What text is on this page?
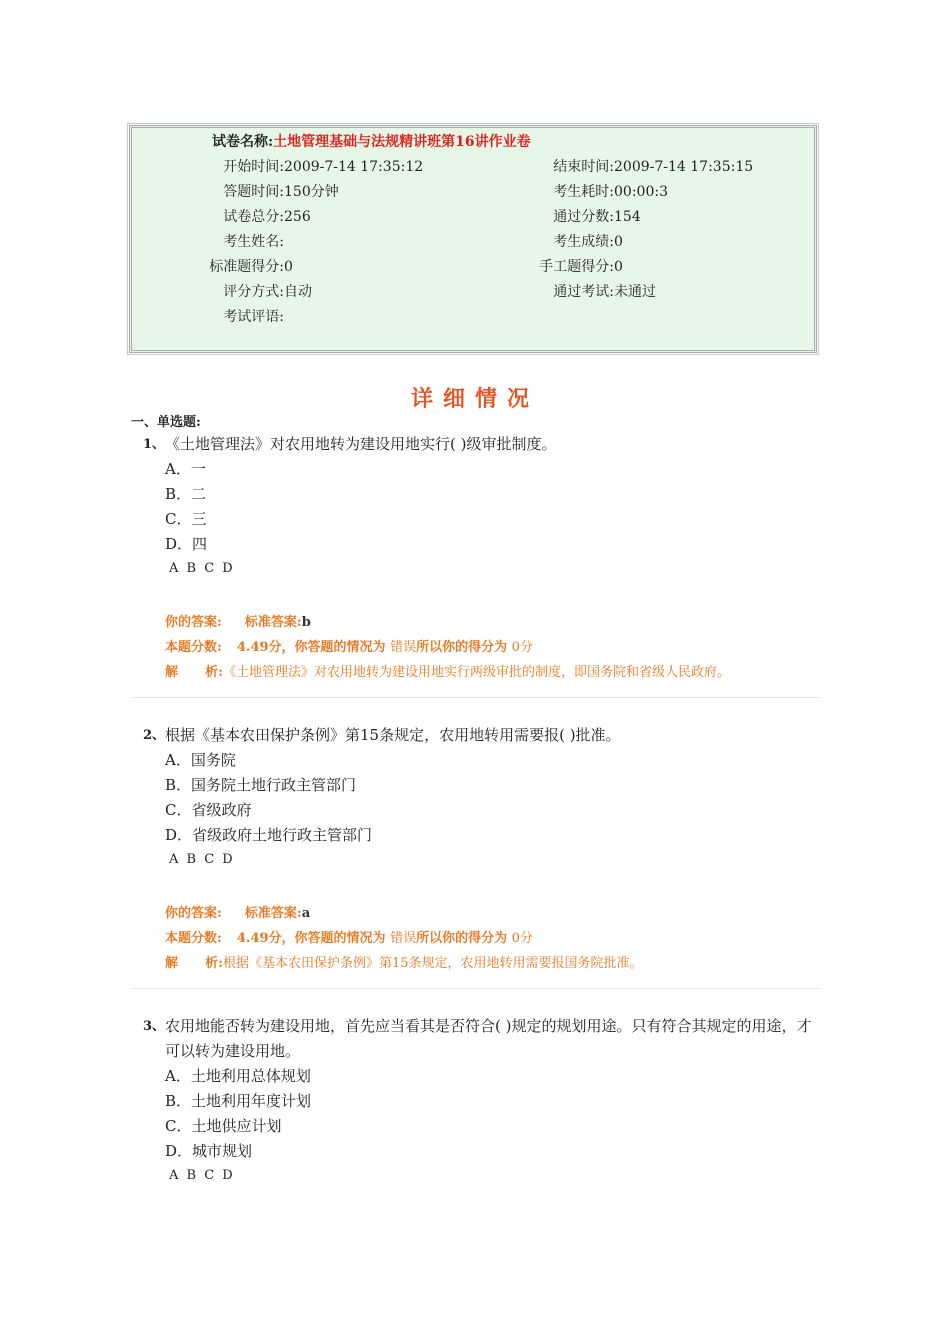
试卷名称:土地管理基础与法规精讲班第16讲作业卷
开始时间:2009-7-14 17:35:12	结束时间:2009-7-14 17:35:15
答题时间:150分钟	考生耗时:00:00:3
试卷总分:256	通过分数:154
考生姓名:	考生成绩:0
标准题得分:0	手工题得分:0
评分方式:自动	通过考试:未通过
考试评语:
详细情况
一、单选题:
1、 《土地管理法》对农用地转为建设用地实行( )级审批制度。
A．一
B．二
C．三
D．四
A B C D
你的答案: 标准答案:b
本题分数: 4.49分，你答题的情况为 错误所以你的得分为 0分
解      析:《土地管理法》对农用地转为建设用地实行两级审批的制度，即国务院和省级人民政府。
2、 根据《基本农田保护条例》第15条规定，农用地转用需要报( )批准。
A．国务院
B．国务院土地行政主管部门
C．省级政府
D．省级政府土地行政主管部门
A B C D
你的答案: 标准答案:a
本题分数: 4.49分，你答题的情况为 错误所以你的得分为 0分
解      析:根据《基本农田保护条例》第15条规定，农用地转用需要报国务院批准。
3、 农用地能否转为建设用地，首先应当看其是否符合( )规定的规划用途。只有符合其规定的用途，才可以转为建设用地。
A．土地利用总体规划
B．土地利用年度计划
C．土地供应计划
D．城市规划
A B C D
